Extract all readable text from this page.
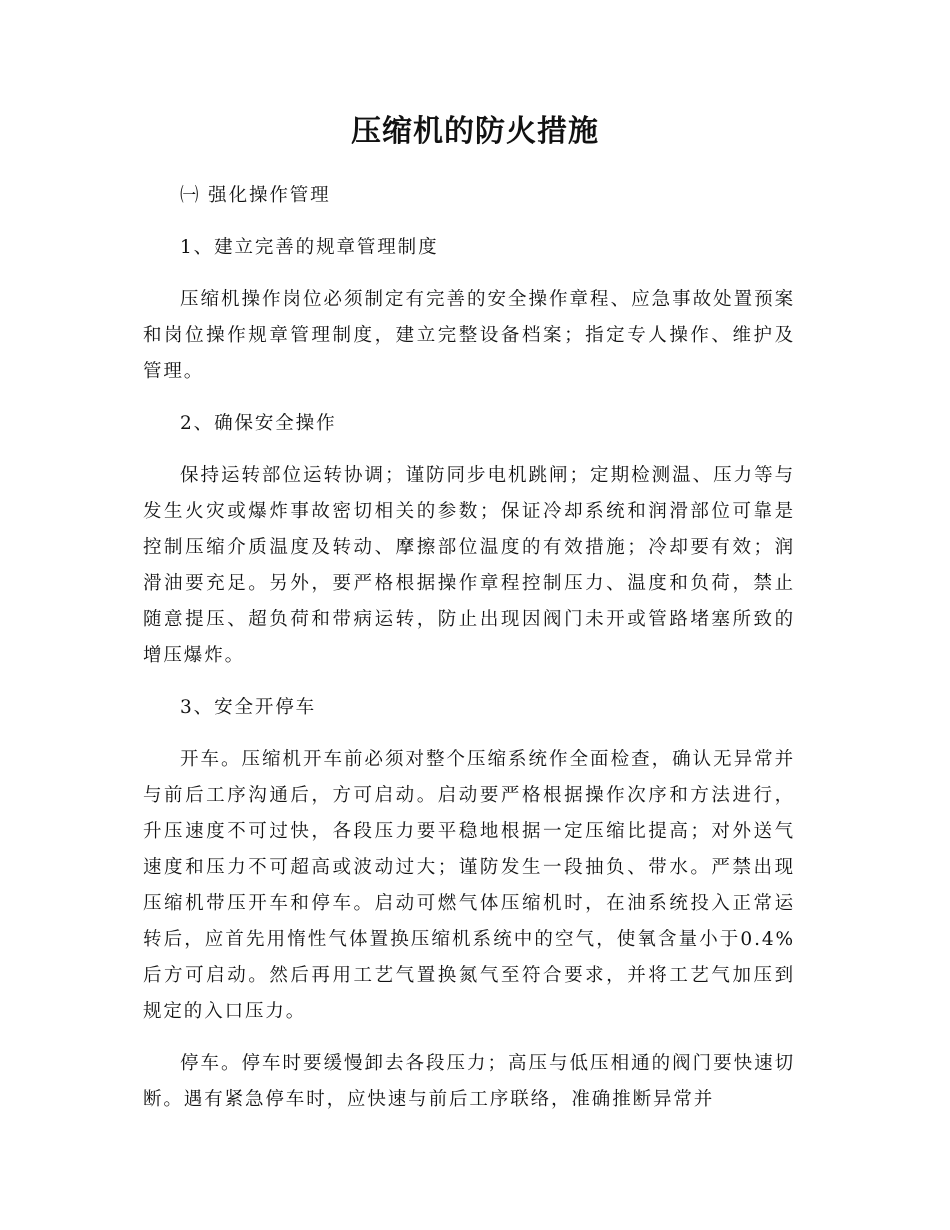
压缩机的防火措施

㈠ 强化操作管理

1、建立完善的规章管理制度

压缩机操作岗位必须制定有完善的安全操作章程、应急事故处置预案和岗位操作规章管理制度，建立完整设备档案；指定专人操作、维护及管理。

2、确保安全操作

保持运转部位运转协调；谨防同步电机跳闸；定期检测温、压力等与发生火灾或爆炸事故密切相关的参数；保证冷却系统和润滑部位可靠是控制压缩介质温度及转动、摩擦部位温度的有效措施；冷却要有效；润滑油要充足。另外，要严格根据操作章程控制压力、温度和负荷，禁止随意提压、超负荷和带病运转，防止出现因阀门未开或管路堵塞所致的增压爆炸。

3、安全开停车

开车。压缩机开车前必须对整个压缩系统作全面检查，确认无异常并与前后工序沟通后，方可启动。启动要严格根据操作次序和方法进行，升压速度不可过快，各段压力要平稳地根据一定压缩比提高；对外送气速度和压力不可超高或波动过大；谨防发生一段抽负、带水。严禁出现压缩机带压开车和停车。启动可燃气体压缩机时，在油系统投入正常运转后，应首先用惰性气体置换压缩机系统中的空气，使氧含量小于0.4%后方可启动。然后再用工艺气置换氮气至符合要求，并将工艺气加压到规定的入口压力。

停车。停车时要缓慢卸去各段压力；高压与低压相通的阀门要快速切断。遇有紧急停车时，应快速与前后工序联络，准确推断异常并
